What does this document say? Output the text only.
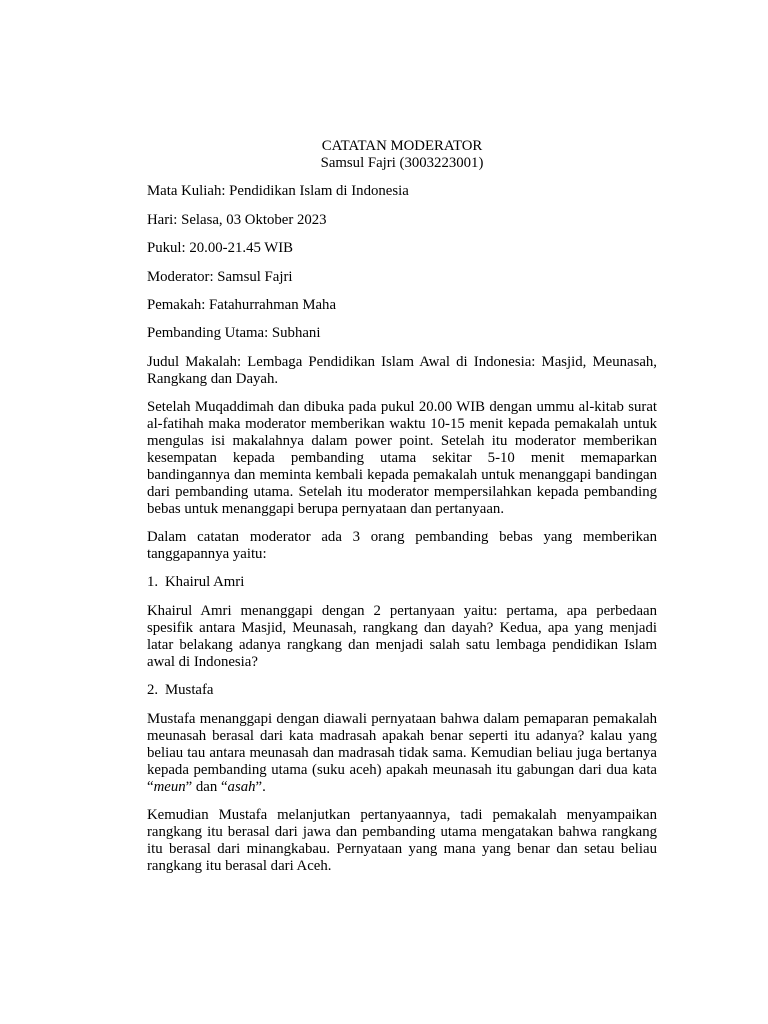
CATATAN MODERATOR
Samsul Fajri (3003223001)

Mata Kuliah: Pendidikan Islam di Indonesia

Hari: Selasa, 03 Oktober 2023

Pukul: 20.00-21.45 WIB

Moderator: Samsul Fajri

Pemakah: Fatahurrahman Maha

Pembanding Utama: Subhani

Judul Makalah: Lembaga Pendidikan Islam Awal di Indonesia: Masjid, Meunasah, Rangkang dan Dayah.

Setelah Muqaddimah dan dibuka pada pukul 20.00 WIB dengan ummu al-kitab surat al-fatihah maka moderator memberikan waktu 10-15 menit kepada pemakalah untuk mengulas isi makalahnya dalam power point. Setelah itu moderator memberikan kesempatan kepada pembanding utama sekitar 5-10 menit memaparkan bandingannya dan meminta kembali kepada pemakalah untuk menanggapi bandingan dari pembanding utama. Setelah itu moderator mempersilahkan kepada pembanding bebas untuk menanggapi berupa pernyataan dan pertanyaan.

Dalam catatan moderator ada 3 orang pembanding bebas yang memberikan tanggapannya yaitu:

1. Khairul Amri

Khairul Amri menanggapi dengan 2 pertanyaan yaitu: pertama, apa perbedaan spesifik antara Masjid, Meunasah, rangkang dan dayah? Kedua, apa yang menjadi latar belakang adanya rangkang dan menjadi salah satu lembaga pendidikan Islam awal di Indonesia?

2. Mustafa

Mustafa menanggapi dengan diawali pernyataan bahwa dalam pemaparan pemakalah meunasah berasal dari kata madrasah apakah benar seperti itu adanya? kalau yang beliau tau antara meunasah dan madrasah tidak sama. Kemudian beliau juga bertanya kepada pembanding utama (suku aceh) apakah meunasah itu gabungan dari dua kata “meun” dan “asah”.

Kemudian Mustafa melanjutkan pertanyaannya, tadi pemakalah menyampaikan rangkang itu berasal dari jawa dan pembanding utama mengatakan bahwa rangkang itu berasal dari minangkabau. Pernyataan yang mana yang benar dan setau beliau rangkang itu berasal dari Aceh.
